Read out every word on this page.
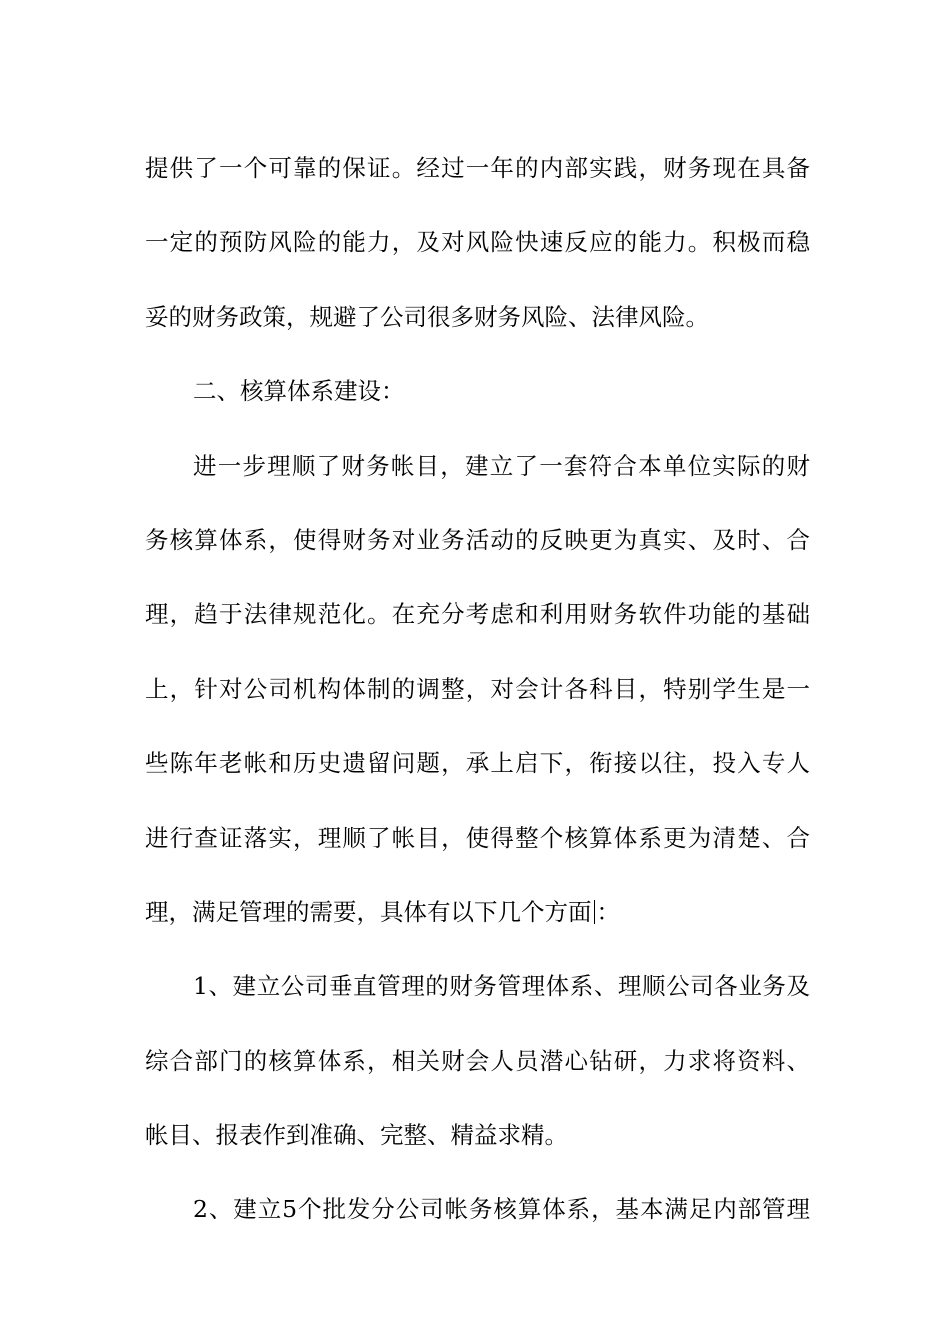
提供了一个可靠的保证。经过一年的内部实践，财务现在具备
一定的预防风险的能力，及对风险快速反应的能力。积极而稳
妥的财务政策，规避了公司很多财务风险、法律风险。
二、核算体系建设：
进一步理顺了财务帐目，建立了一套符合本单位实际的财
务核算体系，使得财务对业务活动的反映更为真实、及时、合
理，趋于法律规范化。在充分考虑和利用财务软件功能的基础
上，针对公司机构体制的调整，对会计各科目，特别学生是一
些陈年老帐和历史遗留问题，承上启下，衔接以往，投入专人
进行查证落实，理顺了帐目，使得整个核算体系更为清楚、合
理，满足管理的需要，具体有以下几个方面 ：
1、建立公司垂直管理的财务管理体系、理顺公司各业务及
综合部门的核算体系，相关财会人员潜心钻研，力求将资料、
帐目、报表作到准确、完整、精益求精。
2、建立5个批发分公司帐务核算体系，基本满足内部管理
